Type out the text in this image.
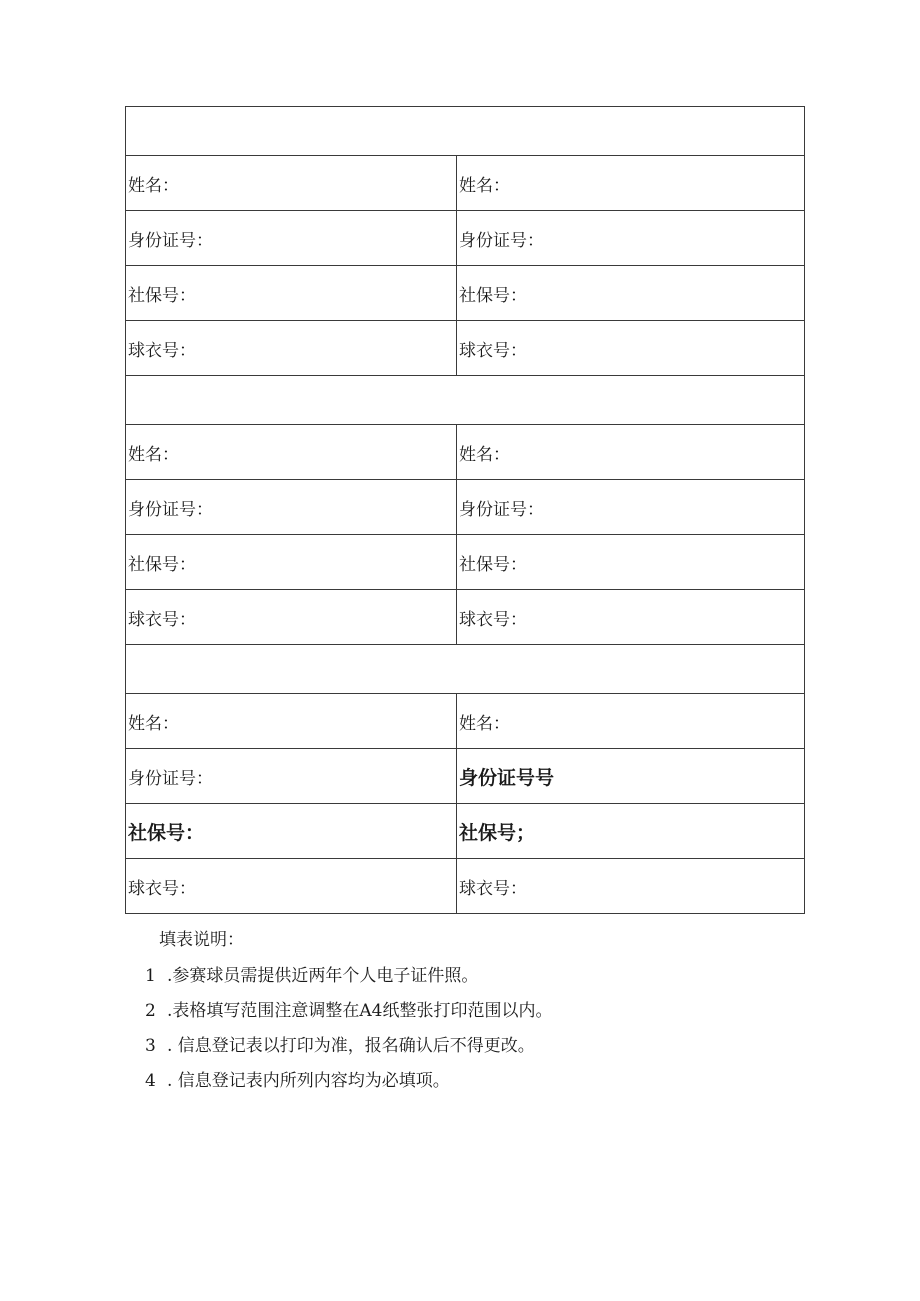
姓名：	姓名：
身份证号：	身份证号：
社保号：	社保号：
球衣号：	球衣号：

姓名：	姓名：
身份证号：	身份证号：
社保号：	社保号：
球衣号：	球衣号：

姓名：	姓名：
身份证号：	身份证号号
社保号：	社保号；
球衣号：	球衣号：
填表说明：
1 .参赛球员需提供近两年个人电子证件照。
2 .表格填写范围注意调整在A4纸整张打印范围以内。
3 . 信息登记表以打印为准，报名确认后不得更改。
4 . 信息登记表内所列内容均为必填项。
